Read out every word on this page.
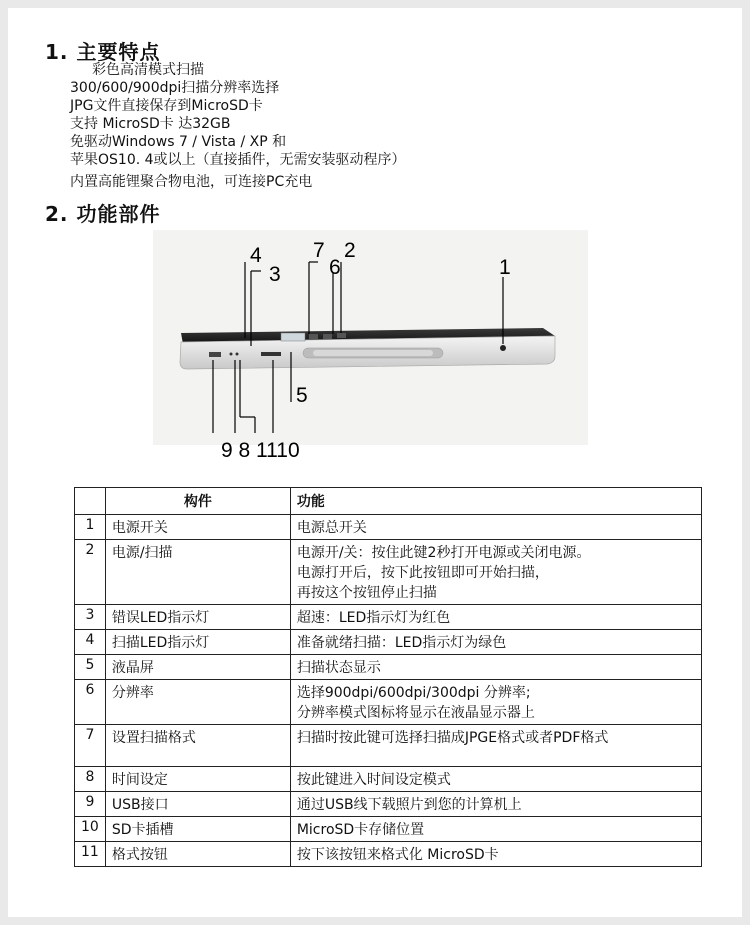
1. 主要特点
彩色高清模式扫描
300/600/900dpi扫描分辨率选择
JPG文件直接保存到MicroSD卡
支持 MicroSD卡 达32GB
免驱动Windows 7 / Vista / XP 和
苹果OS10. 4或以上（直接插件，无需安装驱动程序）
内置高能锂聚合物电池，可连接PC充电
2. 功能部件
4
3
7
6
2
1
5
9 8 1110
	构件	功能
1	电源开关	电源总开关
2	电源/扫描	电源开/关：按住此键2秒打开电源或关闭电源。
电源打开后，按下此按钮即可开始扫描，
再按这个按钮停止扫描
3	错误LED指示灯	超速：LED指示灯为红色
4	扫描LED指示灯	准备就绪扫描：LED指示灯为绿色
5	液晶屏	扫描状态显示
6	分辨率	选择900dpi/600dpi/300dpi 分辨率;
分辨率模式图标将显示在液晶显示器上
7	设置扫描格式	扫描时按此键可选择扫描成JPGE格式或者PDF格式
8	时间设定	按此键进入时间设定模式
9	USB接口	通过USB线下载照片到您的计算机上
10	SD卡插槽	MicroSD卡存储位置
11	格式按钮	按下该按钮来格式化 MicroSD卡
